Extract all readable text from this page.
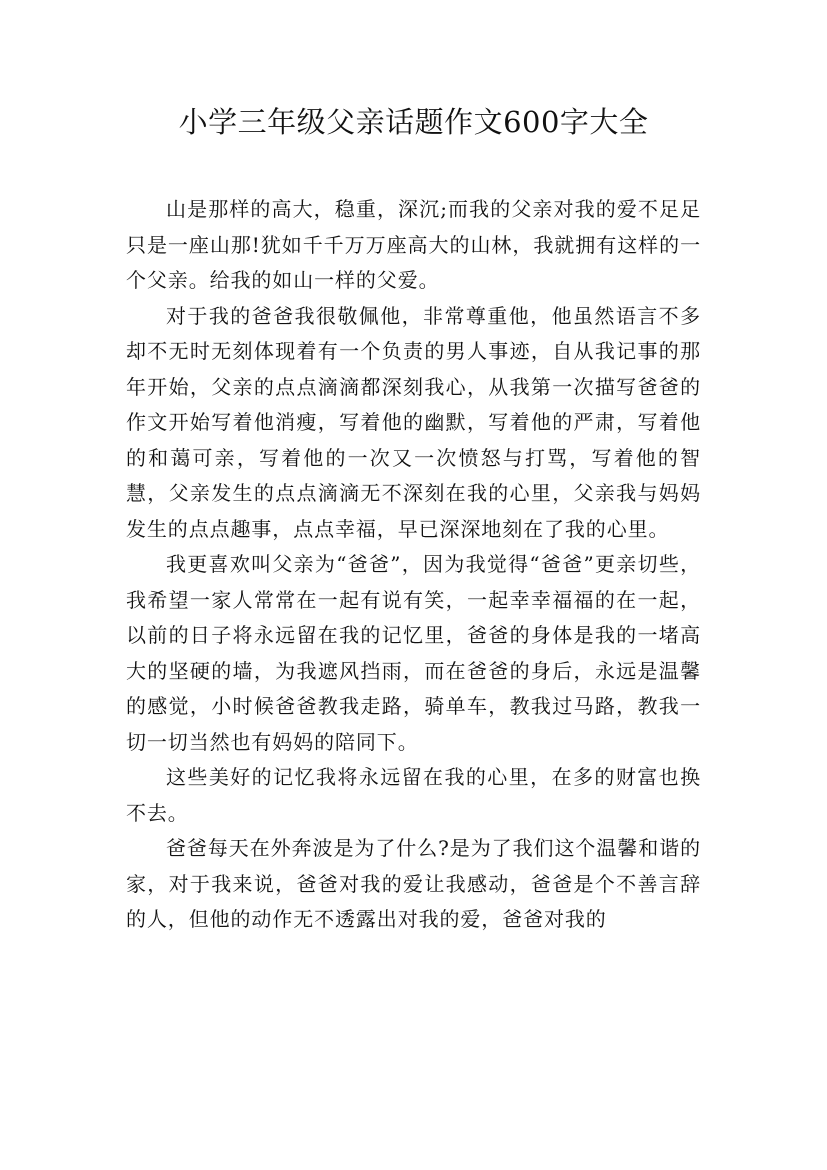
小学三年级父亲话题作文600字大全

山是那样的高大，稳重，深沉;而我的父亲对我的爱不足足只是一座山那!犹如千千万万座高大的山林，我就拥有这样的一个父亲。给我的如山一样的父爱。

对于我的爸爸我很敬佩他，非常尊重他，他虽然语言不多却不无时无刻体现着有一个负责的男人事迹，自从我记事的那年开始，父亲的点点滴滴都深刻我心，从我第一次描写爸爸的作文开始写着他消瘦，写着他的幽默，写着他的严肃，写着他的和蔼可亲，写着他的一次又一次愤怒与打骂，写着他的智慧，父亲发生的点点滴滴无不深刻在我的心里，父亲我与妈妈发生的点点趣事，点点幸福，早已深深地刻在了我的心里。

我更喜欢叫父亲为“爸爸”，因为我觉得“爸爸”更亲切些，我希望一家人常常在一起有说有笑，一起幸幸福福的在一起，以前的日子将永远留在我的记忆里，爸爸的身体是我的一堵高大的坚硬的墙，为我遮风挡雨，而在爸爸的身后，永远是温馨的感觉，小时候爸爸教我走路，骑单车，教我过马路，教我一切一切当然也有妈妈的陪同下。

这些美好的记忆我将永远留在我的心里，在多的财富也换不去。

爸爸每天在外奔波是为了什么?是为了我们这个温馨和谐的家，对于我来说，爸爸对我的爱让我感动，爸爸是个不善言辞的人，但他的动作无不透露出对我的爱，爸爸对我的
